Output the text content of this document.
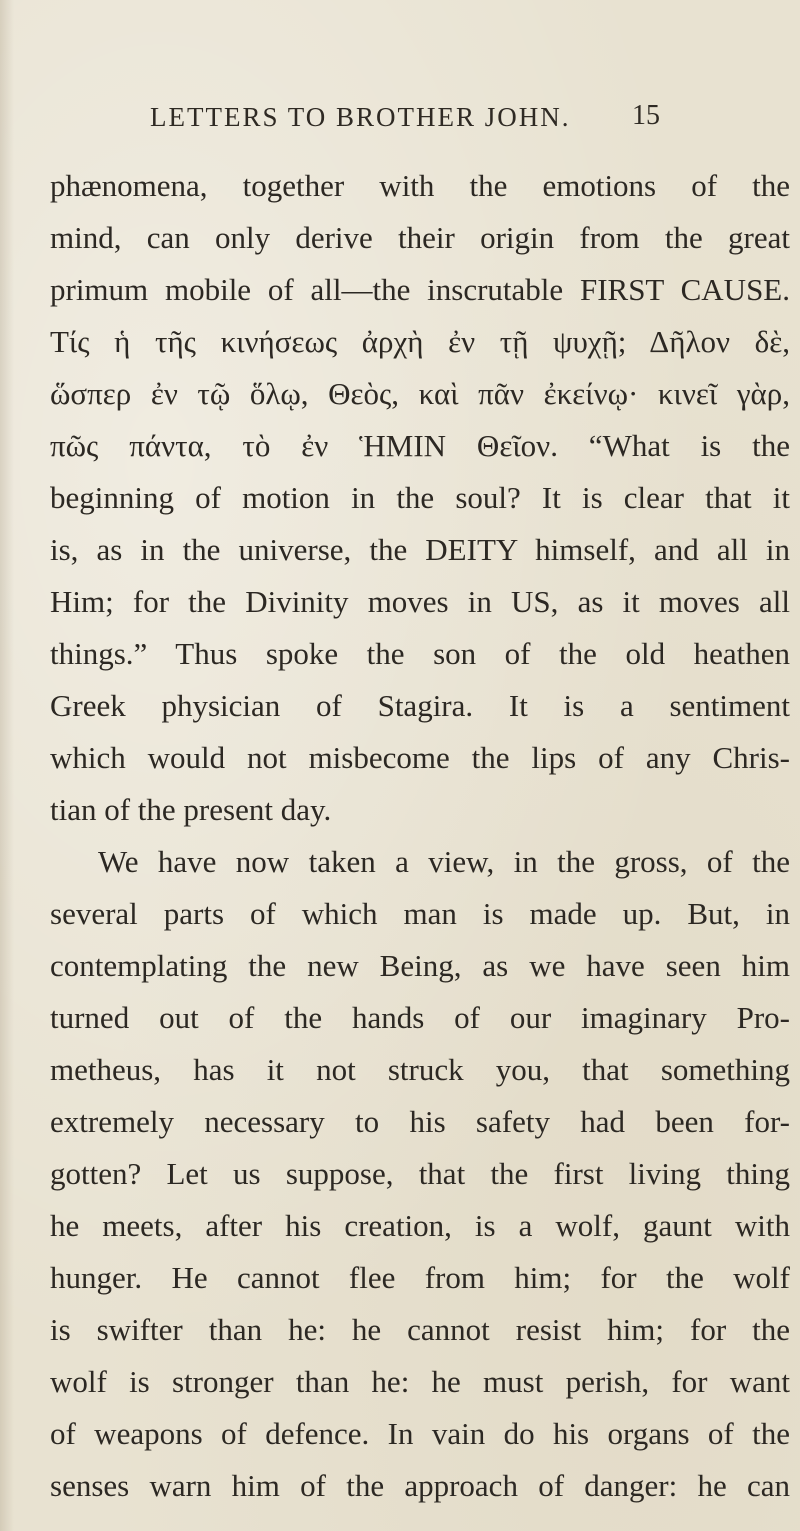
LETTERS TO BROTHER JOHN. 15
phænomena, together with the emotions of the
mind, can only derive their origin from the great
primum mobile of all—the inscrutable FIRST CAUSE.
Τίς ἡ τῆς κινήσεως ἀρχὴ ἐν τῇ ψυχῇ; Δῆλον δὲ,
ὥσπερ ἐν τῷ ὅλῳ, Θεὸς, καὶ πᾶν ἐκείνῳ· κινεῖ γὰρ,
πῶς πάντα, τὸ ἐν ἩΜΙΝ Θεῖον. “What is the
beginning of motion in the soul? It is clear that it
is, as in the universe, the DEITY himself, and all in
Him; for the Divinity moves in US, as it moves all
things.” Thus spoke the son of the old heathen
Greek physician of Stagira. It is a sentiment
which would not misbecome the lips of any Chris-
tian of the present day.
We have now taken a view, in the gross, of the
several parts of which man is made up. But, in
contemplating the new Being, as we have seen him
turned out of the hands of our imaginary Pro-
metheus, has it not struck you, that something
extremely necessary to his safety had been for-
gotten? Let us suppose, that the first living thing
he meets, after his creation, is a wolf, gaunt with
hunger. He cannot flee from him; for the wolf
is swifter than he: he cannot resist him; for the
wolf is stronger than he: he must perish, for want
of weapons of defence. In vain do his organs of the
senses warn him of the approach of danger: he can
